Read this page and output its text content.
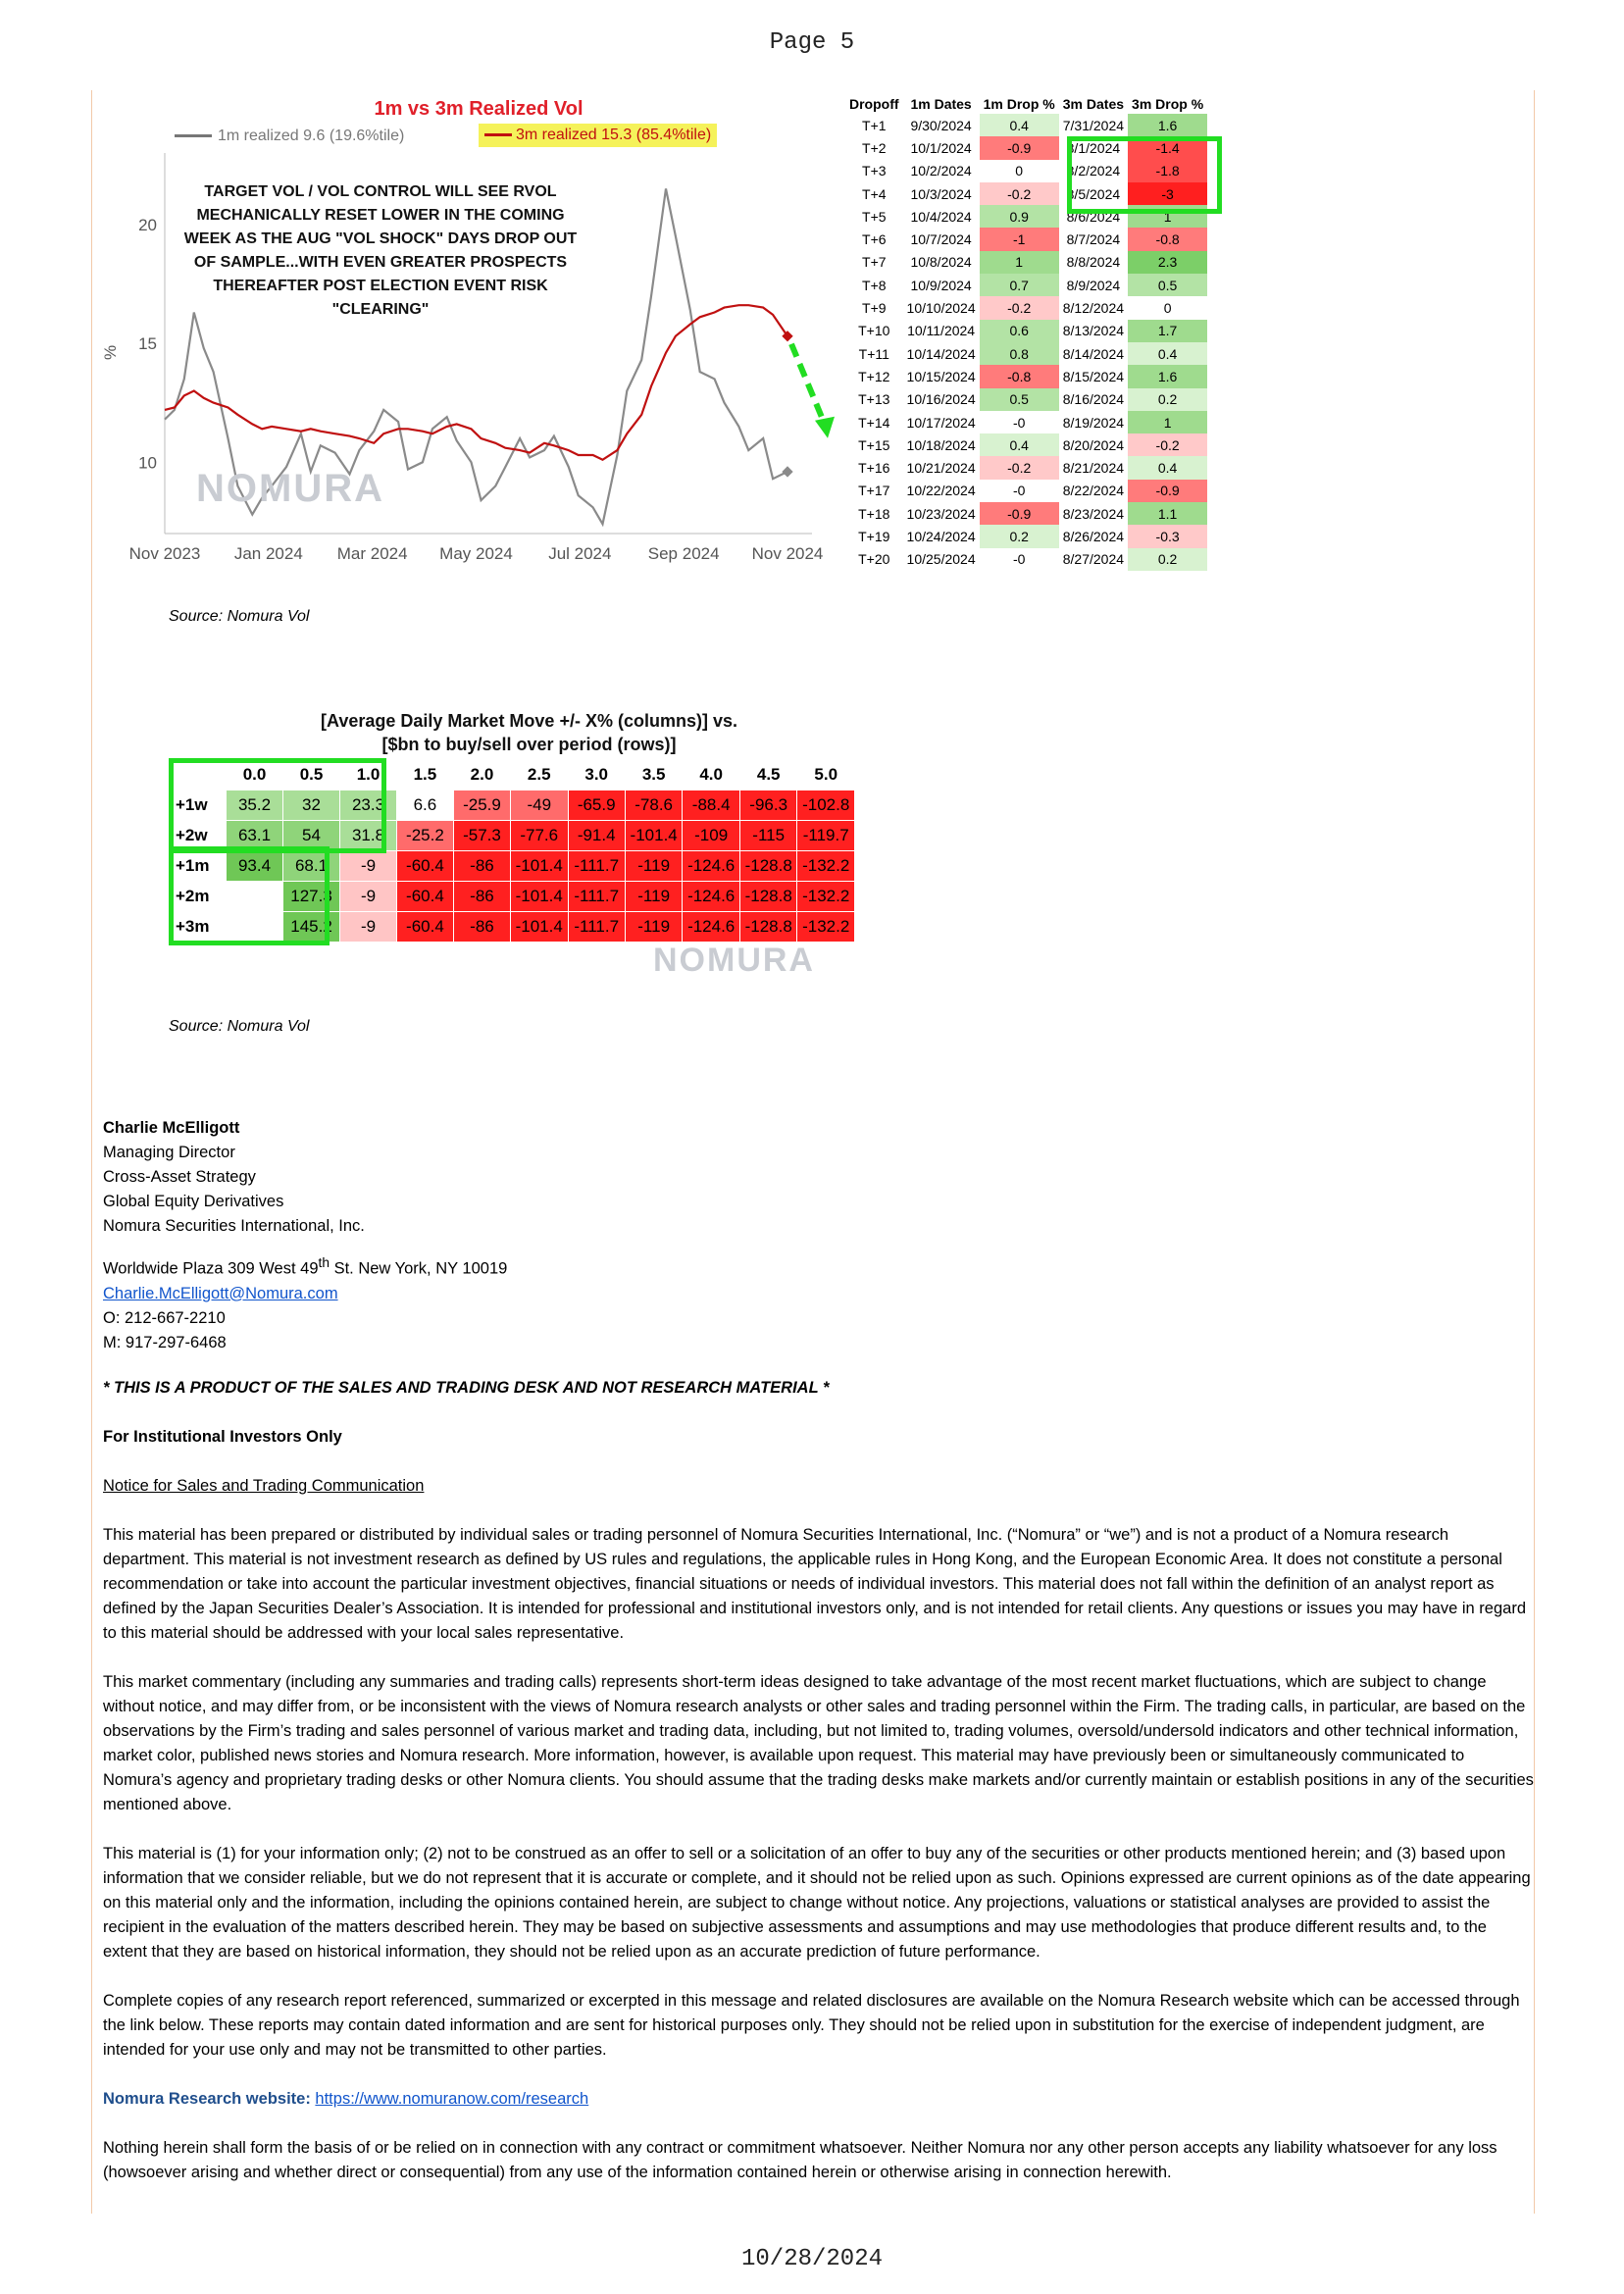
Page 5
1m vs 3m Realized Vol
1m realized 9.6 (19.6%tile)	3m realized 15.3 (85.4%tile)
10
15
20
%
Nov 2023 Jan 2024 Mar 2024 May 2024 Jul 2024 Sep 2024 Nov 2024
TARGET VOL / VOL CONTROL WILL SEE RVOL MECHANICALLY RESET LOWER IN THE COMING WEEK AS THE AUG "VOL SHOCK" DAYS DROP OUT OF SAMPLE...WITH EVEN GREATER PROSPECTS THEREAFTER POST ELECTION EVENT RISK "CLEARING"
NOMURA
Dropoff	1m Dates	1m Drop %	3m Dates	3m Drop %
T+1	9/30/2024	0.4	7/31/2024	1.6
T+2	10/1/2024	-0.9	8/1/2024	-1.4
T+3	10/2/2024	0	8/2/2024	-1.8
T+4	10/3/2024	-0.2	8/5/2024	-3
T+5	10/4/2024	0.9	8/6/2024	1
T+6	10/7/2024	-1	8/7/2024	-0.8
T+7	10/8/2024	1	8/8/2024	2.3
T+8	10/9/2024	0.7	8/9/2024	0.5
T+9	10/10/2024	-0.2	8/12/2024	0
T+10	10/11/2024	0.6	8/13/2024	1.7
T+11	10/14/2024	0.8	8/14/2024	0.4
T+12	10/15/2024	-0.8	8/15/2024	1.6
T+13	10/16/2024	0.5	8/16/2024	0.2
T+14	10/17/2024	-0	8/19/2024	1
T+15	10/18/2024	0.4	8/20/2024	-0.2
T+16	10/21/2024	-0.2	8/21/2024	0.4
T+17	10/22/2024	-0	8/22/2024	-0.9
T+18	10/23/2024	-0.9	8/23/2024	1.1
T+19	10/24/2024	0.2	8/26/2024	-0.3
T+20	10/25/2024	-0	8/27/2024	0.2
Source: Nomura Vol
[Average Daily Market Move +/- X% (columns)] vs.
[$bn to buy/sell over period (rows)]
	0.0	0.5	1.0	1.5	2.0	2.5	3.0	3.5	4.0	4.5	5.0
+1w	35.2	32	23.3	6.6	-25.9	-49	-65.9	-78.6	-88.4	-96.3	-102.8
+2w	63.1	54	31.8	-25.2	-57.3	-77.6	-91.4	-101.4	-109	-115	-119.7
+1m	93.4	68.1	-9	-60.4	-86	-101.4	-111.7	-119	-124.6	-128.8	-132.2
+2m		127.3	-9	-60.4	-86	-101.4	-111.7	-119	-124.6	-128.8	-132.2
+3m		145.2	-9	-60.4	-86	-101.4	-111.7	-119	-124.6	-128.8	-132.2
NOMURA
Source: Nomura Vol

Charlie McElligott

Managing Director

Cross-Asset Strategy

Global Equity Derivatives

Nomura Securities International, Inc.

Worldwide Plaza 309 West 49th St. New York, NY 10019

Charlie.McElligott@Nomura.com

O: 212-667-2210

M: 917-297-6468

* THIS IS A PRODUCT OF THE SALES AND TRADING DESK AND NOT RESEARCH MATERIAL *

For Institutional Investors Only

Notice for Sales and Trading Communication

This material has been prepared or distributed by individual sales or trading personnel of Nomura Securities International, Inc. (“Nomura” or “we”) and is not a product of a Nomura research department. This material is not investment research as defined by US rules and regulations, the applicable rules in Hong Kong, and the European Economic Area. It does not constitute a personal recommendation or take into account the particular investment objectives, financial situations or needs of individual investors. This material does not fall within the definition of an analyst report as defined by the Japan Securities Dealer’s Association. It is intended for professional and institutional investors only, and is not intended for retail clients. Any questions or issues you may have in regard to this material should be addressed with your local sales representative.

This market commentary (including any summaries and trading calls) represents short-term ideas designed to take advantage of the most recent market fluctuations, which are subject to change without notice, and may differ from, or be inconsistent with the views of Nomura research analysts or other sales and trading personnel within the Firm. The trading calls, in particular, are based on the observations by the Firm’s trading and sales personnel of various market and trading data, including, but not limited to, trading volumes, oversold/undersold indicators and other technical information, market color, published news stories and Nomura research. More information, however, is available upon request. This material may have previously been or simultaneously communicated to Nomura’s agency and proprietary trading desks or other Nomura clients. You should assume that the trading desks make markets and/or currently maintain or establish positions in any of the securities mentioned above.

This material is (1) for your information only; (2) not to be construed as an offer to sell or a solicitation of an offer to buy any of the securities or other products mentioned herein; and (3) based upon information that we consider reliable, but we do not represent that it is accurate or complete, and it should not be relied upon as such. Opinions expressed are current opinions as of the date appearing on this material only and the information, including the opinions contained herein, are subject to change without notice. Any projections, valuations or statistical analyses are provided to assist the recipient in the evaluation of the matters described herein. They may be based on subjective assessments and assumptions and may use methodologies that produce different results and, to the extent that they are based on historical information, they should not be relied upon as an accurate prediction of future performance.

Complete copies of any research report referenced, summarized or excerpted in this message and related disclosures are available on the Nomura Research website which can be accessed through the link below. These reports may contain dated information and are sent for historical purposes only. They should not be relied upon in substitution for the exercise of independent judgment, are intended for your use only and may not be transmitted to other parties.

Nomura Research website: https://www.nomuranow.com/research

Nothing herein shall form the basis of or be relied on in connection with any contract or commitment whatsoever. Neither Nomura nor any other person accepts any liability whatsoever for any loss (howsoever arising and whether direct or consequential) from any use of the information contained herein or otherwise arising in connection herewith.

10/28/2024
